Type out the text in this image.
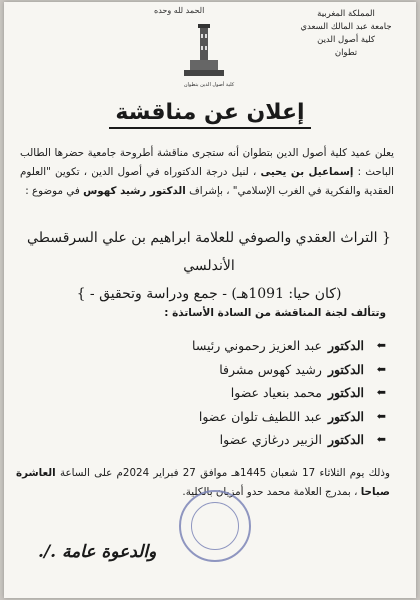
المملكة المغربية
جامعة عبد المالك السعدي
كلية أصول الدين
تطوان
الحمد لله وحده
كلية أصول الدين بتطوان
إعلان عن مناقشة
يعلن عميد كلية أصول الدين بتطوان أنه ستجرى مناقشة أطروحة جامعية حضرها الطالب الباحث : إسماعيل بن يحيى ، لنيل درجة الدكتوراه في أصول الدين ، تكوين "العلوم العقدية والفكرية في الغرب الإسلامي" ، بإشراف الدكتور رشيد كهوس في موضوع :
{ التراث العقدي والصوفي للعلامة ابراهيم بن علي السرقسطي الأندلسي
(كان حيا: 1091هـ) - جمع ودراسة وتحقيق - }
وتتألف لجنة المناقشة من السادة الأساتذة :
⬅
الدكتور
عبد العزيز رحموني رئيسا
⬅
الدكتور
رشيد كهوس مشرفا
⬅
الدكتور
محمد بنعياد عضوا
⬅
الدكتور
عبد اللطيف تلوان عضوا
⬅
الدكتور
الزبير درغازي عضوا
وذلك يوم الثلاثاء 17 شعبان 1445هـ موافق 27 فبراير 2024م على الساعة العاشرة صباحا ، بمدرج العلامة محمد حدو أمزيان بالكلية.
والدعوة عامة ./.
